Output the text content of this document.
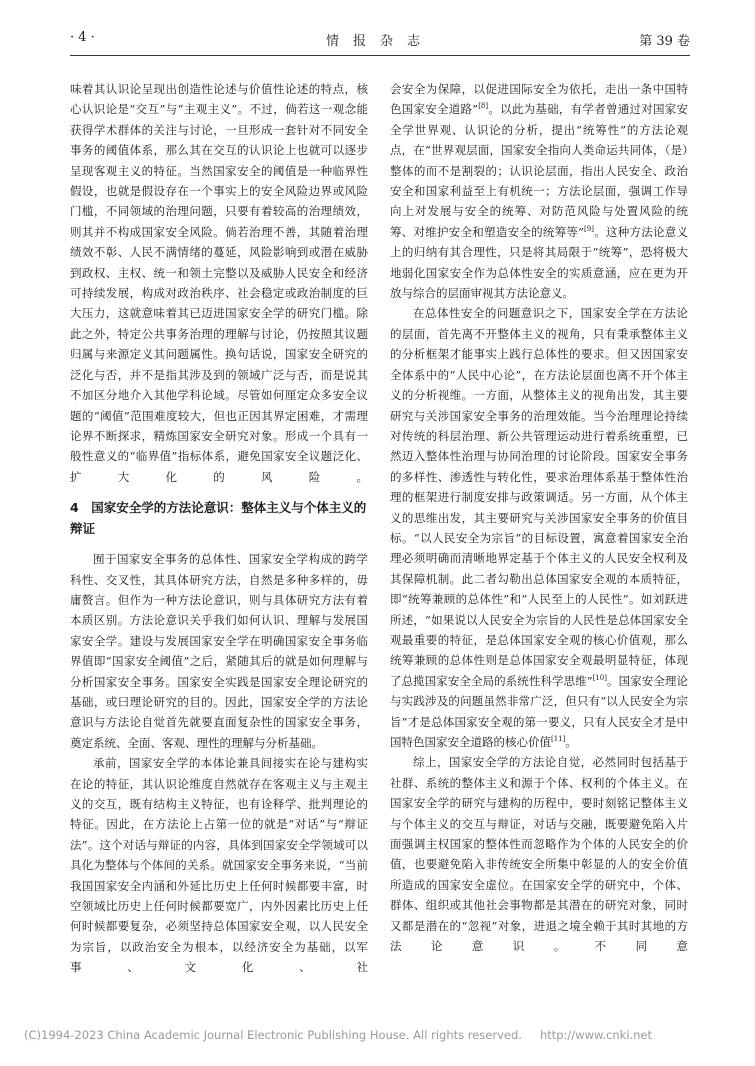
· 4 ·	情报杂志	第 39 卷

味着其认识论呈现出创造性论述与价值性论述的特点，核心认识论是“交互”与“主观主义”。不过，倘若这一观念能获得学术群体的关注与讨论，一旦形成一套针对不同安全事务的阈值体系，那么其在交互的认识论上也就可以逐步呈现客观主义的特征。当然国家安全的阈值是一种临界性假设，也就是假设存在一个事实上的安全风险边界或风险门槛，不同领域的治理问题，只要有着较高的治理绩效，则其并不构成国家安全风险。倘若治理不善，其随着治理绩效不彰、人民不满情绪的蔓延，风险影响到或潜在威胁到政权、主权、统一和领土完整以及威胁人民安全和经济可持续发展，构成对政治秩序、社会稳定或政治制度的巨大压力，这就意味着其已迈进国家安全学的研究门槛。除此之外，特定公共事务治理的理解与讨论，仍按照其议题归属与来源定义其问题属性。换句话说，国家安全研究的泛化与否，并不是指其涉及到的领域广泛与否，而是说其不加区分地介入其他学科论域。尽管如何厘定众多安全议题的“阈值”范围难度较大，但也正因其界定困难，才需理论界不断探求，精炼国家安全研究对象。形成一个具有一般性意义的“临界值”指标体系，避免国家安全议题泛化、扩大化的风险。

4　国家安全学的方法论意识：整体主义与个体主义的辩证

囿于国家安全事务的总体性、国家安全学构成的跨学科性、交叉性，其具体研究方法，自然是多种多样的，毋庸赘言。但作为一种方法论意识，则与具体研究方法有着本质区别。方法论意识关乎我们如何认识、理解与发展国家安全学。建设与发展国家安全学在明确国家安全事务临界值即“国家安全阈值”之后，紧随其后的就是如何理解与分析国家安全事务。国家安全实践是国家安全理论研究的基础，或曰理论研究的目的。因此，国家安全学的方法论意识与方法论自觉首先就要直面复杂性的国家安全事务，奠定系统、全面、客观、理性的理解与分析基础。

承前，国家安全学的本体论兼具间接实在论与建构实在论的特征，其认识论维度自然就存在客观主义与主观主义的交互，既有结构主义特征，也有诠释学、批判理论的特征。因此，在方法论上占第一位的就是“对话”与“辩证法”。这个对话与辩证的内容，具体到国家安全学领域可以具化为整体与个体间的关系。就国家安全事务来说，“当前我国国家安全内涵和外延比历史上任何时候都要丰富，时空领域比历史上任何时候都要宽广，内外因素比历史上任何时候都要复杂，必须坚持总体国家安全观，以人民安全为宗旨，以政治安全为根本，以经济安全为基础，以军事、文化、社

会安全为保障，以促进国际安全为依托，走出一条中国特色国家安全道路”[8]。以此为基础，有学者曾通过对国家安全学世界观、认识论的分析，提出“统筹性”的方法论观点，在“世界观层面，国家安全指向人类命运共同体，（是）整体的而不是割裂的；认识论层面，指出人民安全、政治安全和国家利益至上有机统一；方法论层面，强调工作导向上对发展与安全的统筹、对防范风险与处置风险的统筹、对维护安全和塑造安全的统筹等”[9]。这种方法论意义上的归纳有其合理性，只是将其局限于“统筹”，恐将极大地弱化国家安全作为总体性安全的实质意涵，应在更为开放与综合的层面审视其方法论意义。

在总体性安全的问题意识之下，国家安全学在方法论的层面，首先离不开整体主义的视角，只有秉承整体主义的分析框架才能事实上践行总体性的要求。但又因国家安全体系中的“人民中心论”，在方法论层面也离不开个体主义的分析视维。一方面，从整体主义的视角出发，其主要研究与关涉国家安全事务的治理效能。当今治理理论持续对传统的科层治理、新公共管理运动进行着系统重塑，已然迈入整体性治理与协同治理的讨论阶段。国家安全事务的多样性、渗透性与转化性，要求治理体系基于整体性治理的框架进行制度安排与政策调适。另一方面，从个体主义的思维出发，其主要研究与关涉国家安全事务的价值目标。“以人民安全为宗旨”的目标设置，寓意着国家安全治理必须明确而清晰地界定基于个体主义的人民安全权利及其保障机制。此二者勾勒出总体国家安全观的本质特征，即“统筹兼顾的总体性”和“人民至上的人民性”。如刘跃进所述，“如果说以人民安全为宗旨的人民性是总体国家安全观最重要的特征，是总体国家安全观的核心价值观，那么统筹兼顾的总体性则是总体国家安全观最明显特征，体现了总揽国家安全全局的系统性科学思维”[10]。国家安全理论与实践涉及的问题虽然非常广泛，但只有“以人民安全为宗旨”才是总体国家安全观的第一要义，只有人民安全才是中国特色国家安全道路的核心价值[11]。

综上，国家安全学的方法论自觉，必然同时包括基于社群、系统的整体主义和源于个体、权利的个体主义。在国家安全学的研究与建构的历程中，要时刻铭记整体主义与个体主义的交互与辩证，对话与交融，既要避免陷入片面强调主权国家的整体性而忽略作为个体的人民安全的价值，也要避免陷入非传统安全所集中彰显的人的安全价值所造成的国家安全虚位。在国家安全学的研究中，个体、群体、组织或其他社会事物都是其潜在的研究对象，同时又都是潜在的“忽视”对象，进退之境全赖于其时其地的方法论意识。不同意

(C)1994-2023 China Academic Journal Electronic Publishing House. All rights reserved. http://www.cnki.net
